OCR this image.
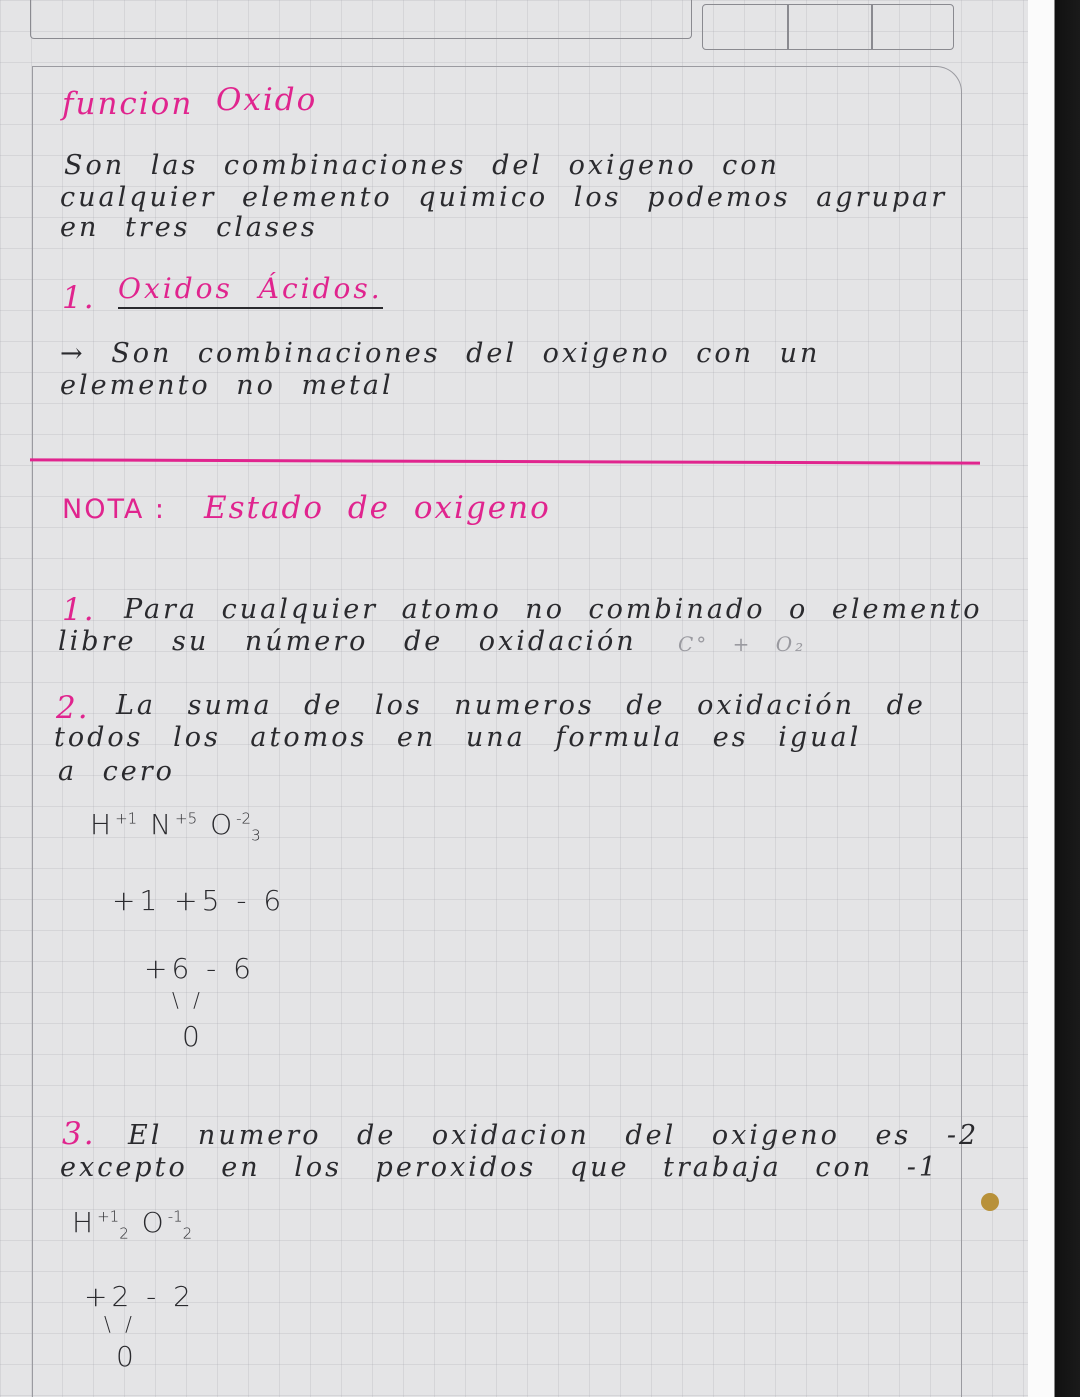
funcion Oxido
Son las combinaciones del oxigeno con
cualquier elemento quimico los podemos agrupar
en tres clases
1. Oxidos Ácidos.
→ Son combinaciones del oxigeno con un
elemento no metal
NOTA : Estado de oxigeno
1. Para cualquier atomo no combinado o elemento
libre su número de oxidación C° + O₂
2. La suma de los numeros de oxidación de
todos los atomos en una formula es igual
a cero
$H^{+1}$ $N^{+5}$ $O^{-2}_3$
+1 +5 - 6
+6 - 6
\ /
0
3. El numero de oxidacion del oxigeno es -2
excepto en los peroxidos que trabaja con -1
$H^{+1}_2$ $O^{-1}_2$
+2 - 2
\ /
0
